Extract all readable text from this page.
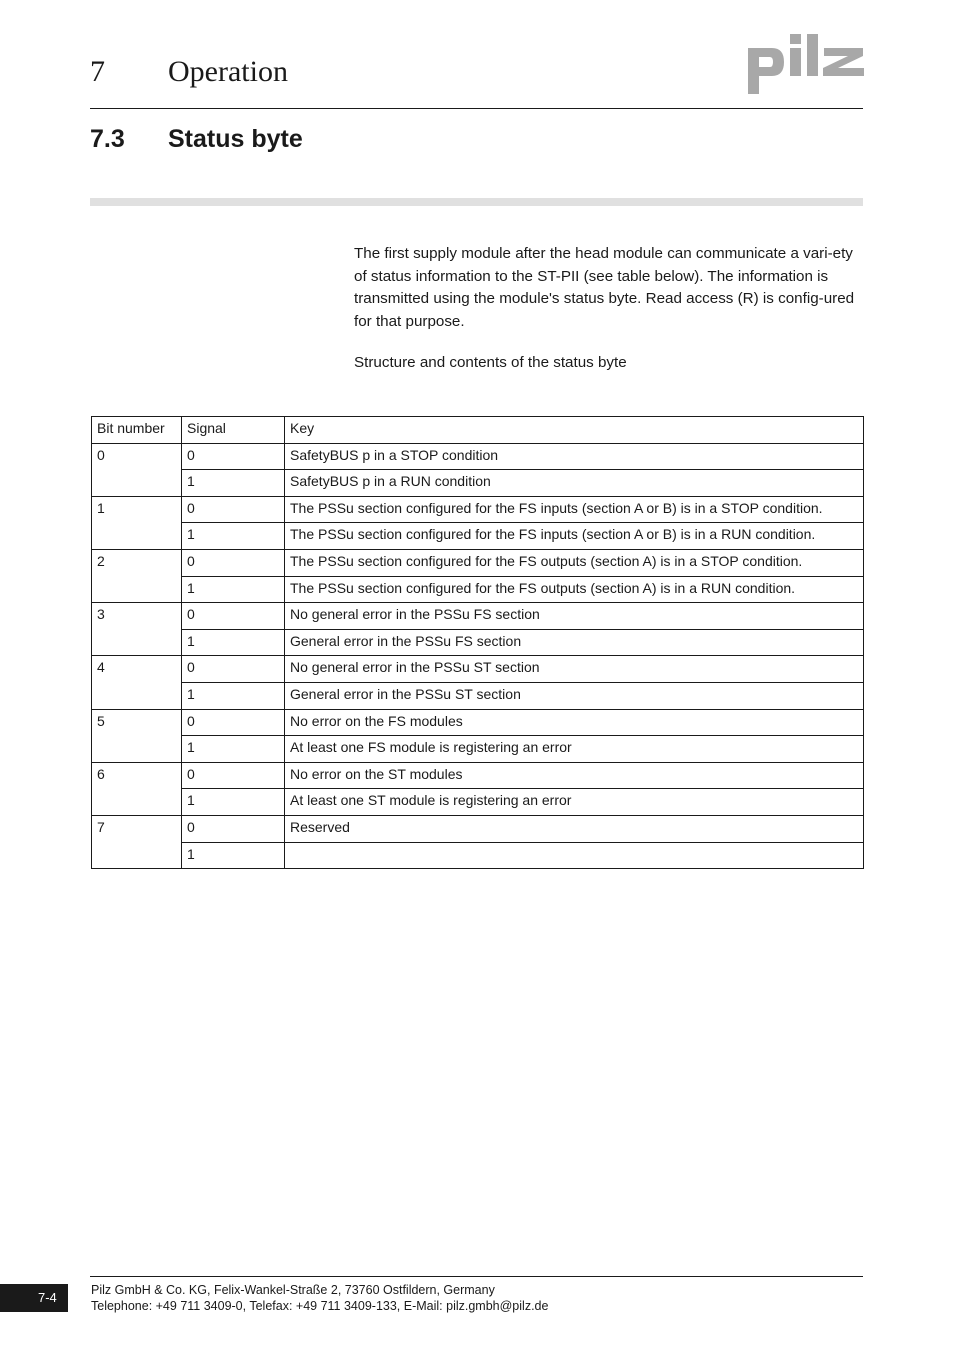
7 Operation
7.3 Status byte

The first supply module after the head module can communicate a vari-ety of status information to the ST-PII (see table below). The information is transmitted using the module's status byte. Read access (R) is config-ured for that purpose.

Structure and contents of the status byte

Bit number	Signal	Key
0	0	SafetyBUS p in a STOP condition
	1	SafetyBUS p in a RUN condition
1	0	The PSSu section configured for the FS inputs (section A or B) is in a STOP condition.
	1	The PSSu section configured for the FS inputs (section A or B) is in a RUN condition.
2	0	The PSSu section configured for the FS outputs (section A) is in a STOP condition.
	1	The PSSu section configured for the FS outputs (section A) is in a RUN condition.
3	0	No general error in the PSSu FS section
	1	General error in the PSSu FS section
4	0	No general error in the PSSu ST section
	1	General error in the PSSu ST section
5	0	No error on the FS modules
	1	At least one FS module is registering an error
6	0	No error on the ST modules
	1	At least one ST module is registering an error
7	0	Reserved
	1	
7-4	Pilz GmbH & Co. KG, Felix-Wankel-Straße 2, 73760 Ostfildern, Germany
Telephone: +49 711 3409-0, Telefax: +49 711 3409-133, E-Mail: pilz.gmbh@pilz.de
